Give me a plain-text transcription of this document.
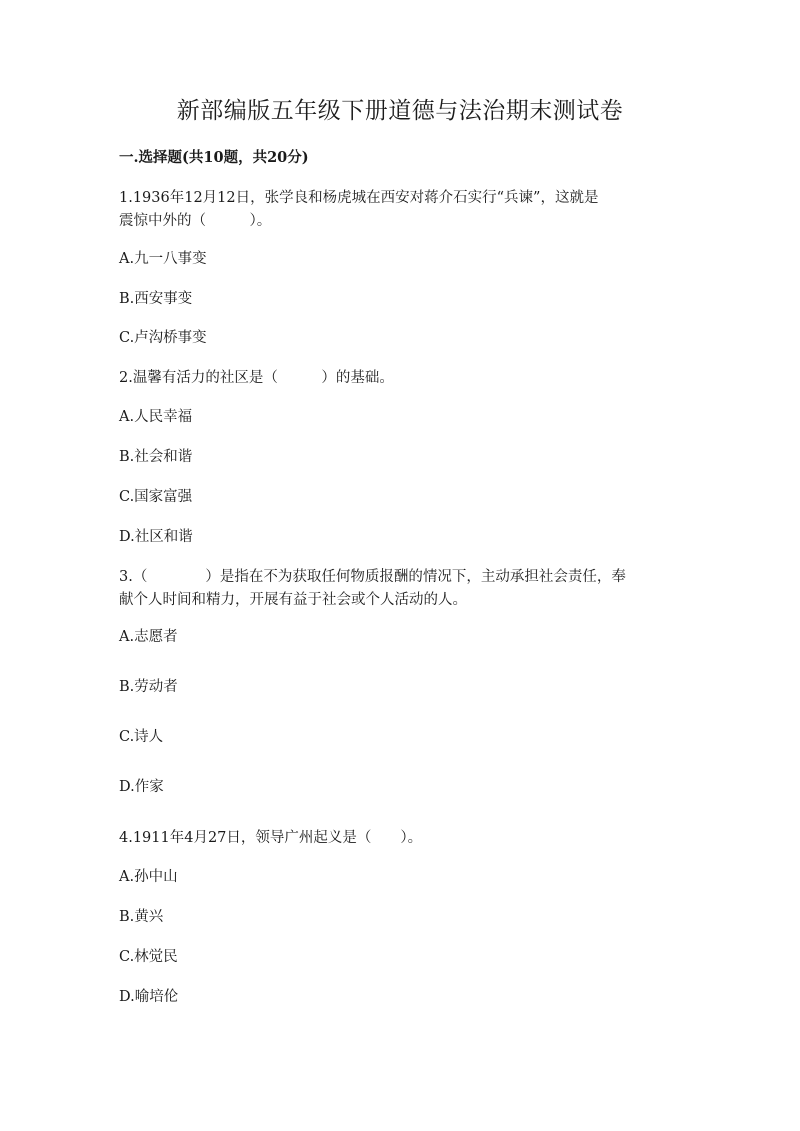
新部编版五年级下册道德与法治期末测试卷
一.选择题(共10题，共20分)
1.1936年12月12日，张学良和杨虎城在西安对蒋介石实行“兵谏”，这就是
震惊中外的（　　　）。
A.九一八事变
B.西安事变
C.卢沟桥事变
2.温馨有活力的社区是（　　　）的基础。
A.人民幸福
B.社会和谐
C.国家富强
D.社区和谐
3.（　　　　）是指在不为获取任何物质报酬的情况下，主动承担社会责任，奉
献个人时间和精力，开展有益于社会或个人活动的人。
A.志愿者
B.劳动者
C.诗人
D.作家
4.1911年4月27日，领导广州起义是（　　）。
A.孙中山
B.黄兴
C.林觉民
D.喻培伦
